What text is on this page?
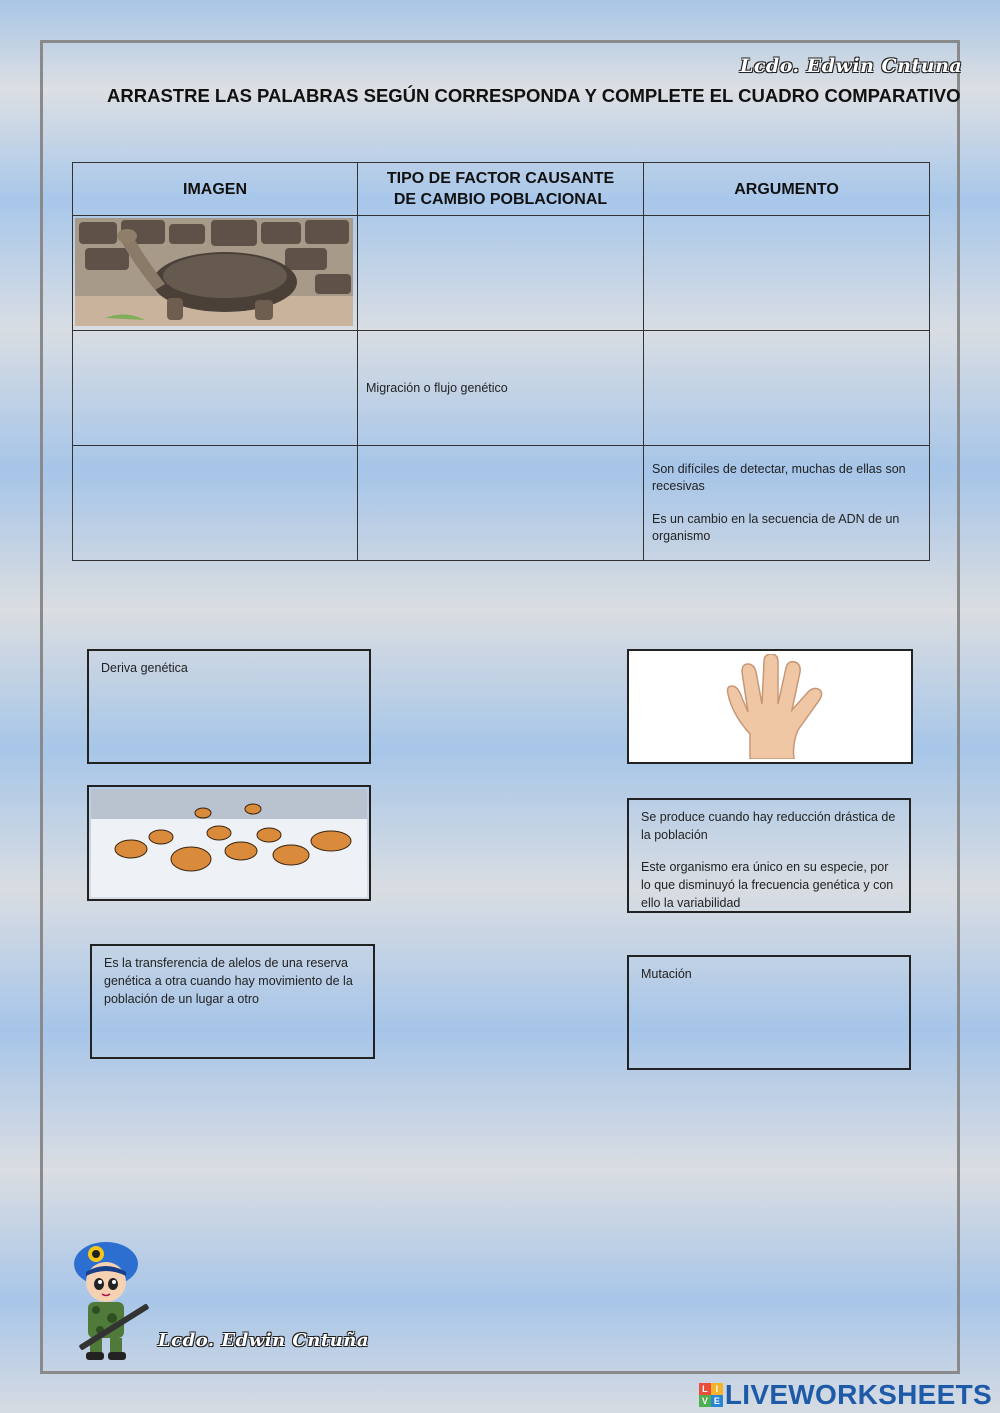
Lcdo. Edwin Cntuna
ARRASTRE LAS PALABRAS SEGÚN CORRESPONDA Y COMPLETE EL CUADRO COMPARATIVO
IMAGEN	TIPO DE FACTOR CAUSANTE DE CAMBIO POBLACIONAL	ARGUMENTO

	Migración o flujo genético	

		Son difíciles de detectar, muchas de ellas son recesivas

Es un cambio en la secuencia de ADN de un organismo

Deriva genética

Se produce cuando hay reducción drástica de la población

Este organismo era único en su especie, por lo que disminuyó la frecuencia genética y con ello la variabilidad

Es la transferencia de alelos de una reserva genética a otra cuando hay movimiento de la población de un lugar a otro
Mutación
Lcdo. Edwin Cntuña
L I
V E LIVEWORKSHEETS
